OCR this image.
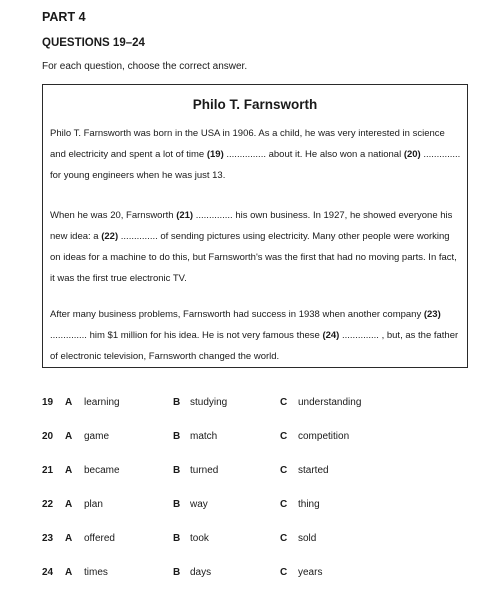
PART 4
QUESTIONS 19–24
For each question, choose the correct answer.
Philo T. Farnsworth

Philo T. Farnsworth was born in the USA in 1906. As a child, he was very interested in science and electricity and spent a lot of time (19) ............... about it. He also won a national (20) .............. for young engineers when he was just 13.

When he was 20, Farnsworth (21) .............. his own business. In 1927, he showed everyone his new idea: a (22) .............. of sending pictures using electricity. Many other people were working on ideas for a machine to do this, but Farnsworth's was the first that had no moving parts. In fact, it was the first true electronic TV.

After many business problems, Farnsworth had success in 1938 when another company (23) .............. him $1 million for his idea. He is not very famous these (24) .............. , but, as the father of electronic television, Farnsworth changed the world.

19 A learning	B studying	C understanding
20 A game	B match	C competition
21 A became	B turned	C started
22 A plan	B way	C thing
23 A offered	B took	C sold
24 A times	B days	C years
